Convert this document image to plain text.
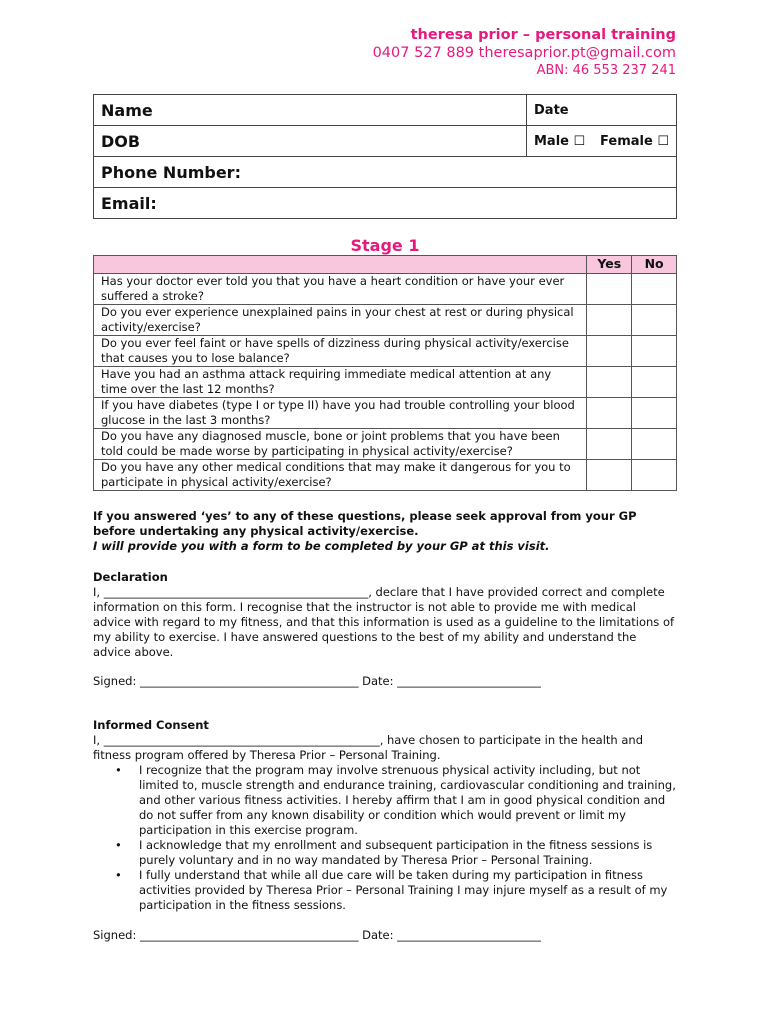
theresa prior – personal training
0407 527 889 theresaprior.pt@gmail.com
ABN: 46 553 237 241
Name	Date
DOB	Male ☐ Female ☐

Phone Number:	
Email:	
Stage 1
	Yes	No
Has your doctor ever told you that you have a heart condition or have your ever suffered a stroke?		
Do you ever experience unexplained pains in your chest at rest or during physical activity/exercise?		
Do you ever feel faint or have spells of dizziness during physical activity/exercise that causes you to lose balance?		
Have you had an asthma attack requiring immediate medical attention at any time over the last 12 months?		
If you have diabetes (type I or type II) have you had trouble controlling your blood glucose in the last 3 months?		
Do you have any diagnosed muscle, bone or joint problems that you have been told could be made worse by participating in physical activity/exercise?		
Do you have any other medical conditions that may make it dangerous for you to participate in physical activity/exercise?		
If you answered ‘yes’ to any of these questions, please seek approval from your GP before undertaking any physical activity/exercise.
I will provide you with a form to be completed by your GP at this visit.
Declaration
I, ______________________________________________, declare that I have provided correct and complete information on this form. I recognise that the instructor is not able to provide me with medical advice with regard to my fitness, and that this information is used as a guideline to the limitations of my ability to exercise. I have answered questions to the best of my ability and understand the advice above.
Signed: ______________________________________ Date: _________________________
Informed Consent
I, ________________________________________________, have chosen to participate in the health and fitness program offered by Theresa Prior – Personal Training.
• I recognize that the program may involve strenuous physical activity including, but not limited to, muscle strength and endurance training, cardiovascular conditioning and training, and other various fitness activities. I hereby affirm that I am in good physical condition and do not suffer from any known disability or condition which would prevent or limit my participation in this exercise program.
• I acknowledge that my enrollment and subsequent participation in the fitness sessions is purely voluntary and in no way mandated by Theresa Prior – Personal Training.
• I fully understand that while all due care will be taken during my participation in fitness activities provided by Theresa Prior – Personal Training I may injure myself as a result of my participation in the fitness sessions.
Signed: ______________________________________ Date: _________________________
